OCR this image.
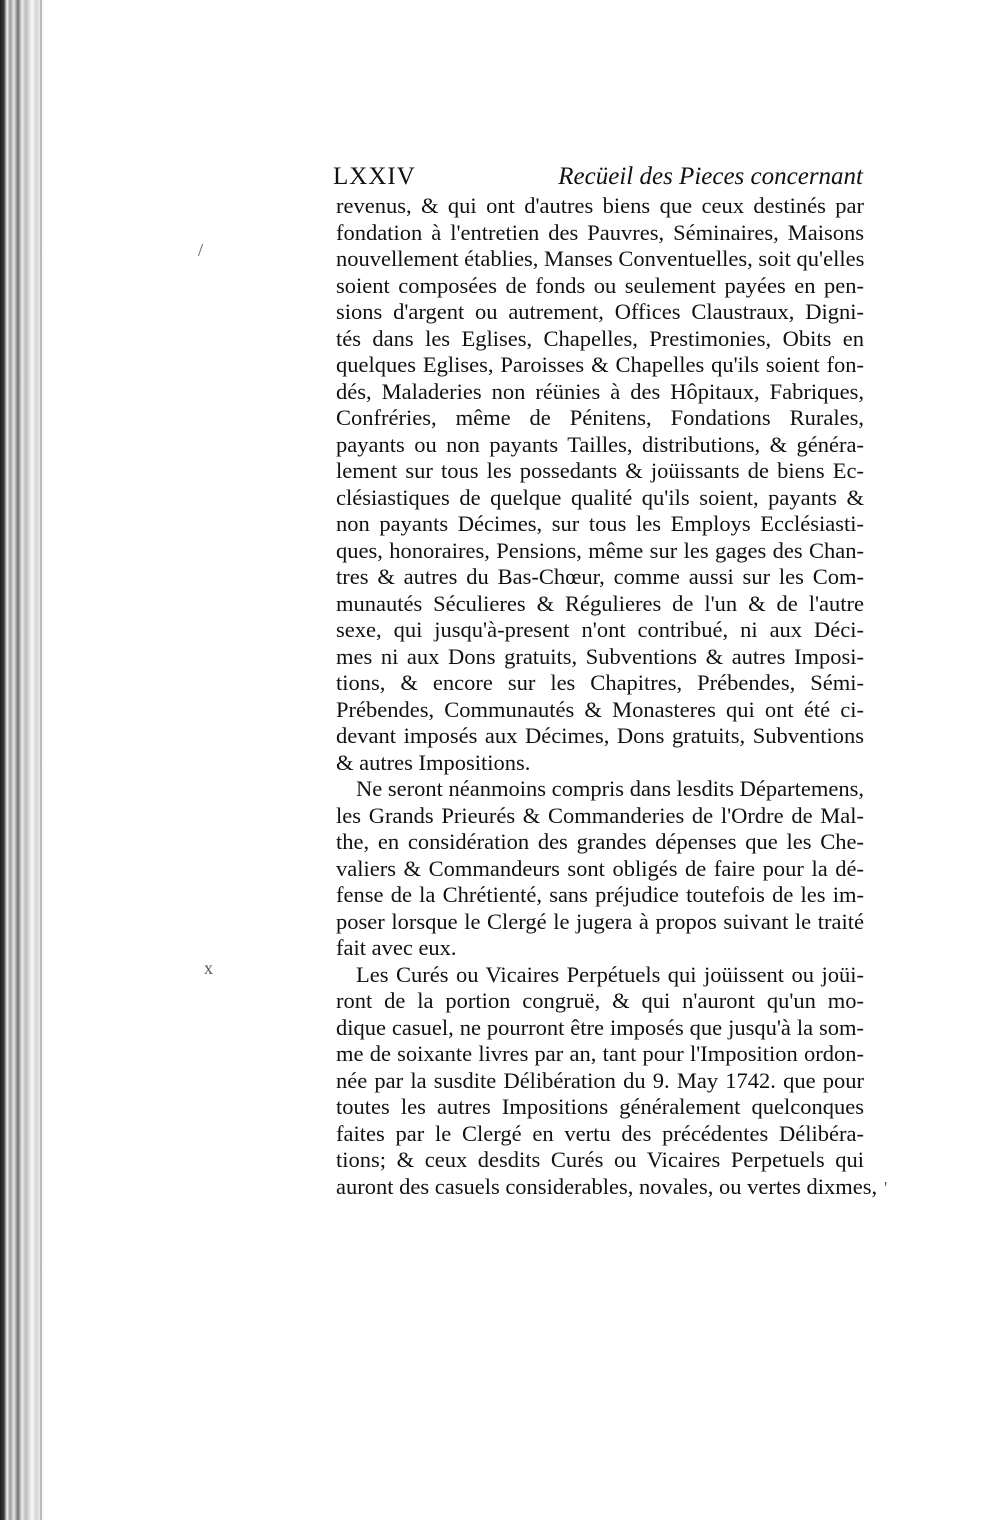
LXXIV	Recüeil des Pieces concernant
revenus, & qui ont d'autres biens que ceux destinés par
fondation à l'entretien des Pauvres, Séminaires, Maisons
nouvellement établies, Manses Conventuelles, soit qu'elles
soient composées de fonds ou seulement payées en pen-
sions d'argent ou autrement, Offices Claustraux, Digni-
tés dans les Eglises, Chapelles, Prestimonies, Obits en
quelques Eglises, Paroisses & Chapelles qu'ils soient fon-
dés, Maladeries non réünies à des Hôpitaux, Fabriques,
Confréries, même de Pénitens, Fondations Rurales,
payants ou non payants Tailles, distributions, & généra-
lement sur tous les possedants & joüissants de biens Ec-
clésiastiques de quelque qualité qu'ils soient, payants &
non payants Décimes, sur tous les Employs Ecclésiasti-
ques, honoraires, Pensions, même sur les gages des Chan-
tres & autres du Bas-Chœur, comme aussi sur les Com-
munautés Séculieres & Régulieres de l'un & de l'autre
sexe, qui jusqu'à-present n'ont contribué, ni aux Déci-
mes ni aux Dons gratuits, Subventions & autres Imposi-
tions, & encore sur les Chapitres, Prébendes, Sémi-
Prébendes, Communautés & Monasteres qui ont été ci-
devant imposés aux Décimes, Dons gratuits, Subventions
& autres Impositions.
Ne seront néanmoins compris dans lesdits Départemens,
les Grands Prieurés & Commanderies de l'Ordre de Mal-
the, en considération des grandes dépenses que les Che-
valiers & Commandeurs sont obligés de faire pour la dé-
fense de la Chrétienté, sans préjudice toutefois de les im-
poser lorsque le Clergé le jugera à propos suivant le traité
fait avec eux.
Les Curés ou Vicaires Perpétuels qui joüissent ou joüi-
ront de la portion congruë, & qui n'auront qu'un mo-
dique casuel, ne pourront être imposés que jusqu'à la som-
me de soixante livres par an, tant pour l'Imposition ordon-
née par la susdite Délibération du 9. May 1742. que pour
toutes les autres Impositions généralement quelconques
faites par le Clergé en vertu des précédentes Délibéra-
tions; & ceux desdits Curés ou Vicaires Perpetuels qui
auront des casuels considerables, novales, ou vertes dixmes,
/
x
'
